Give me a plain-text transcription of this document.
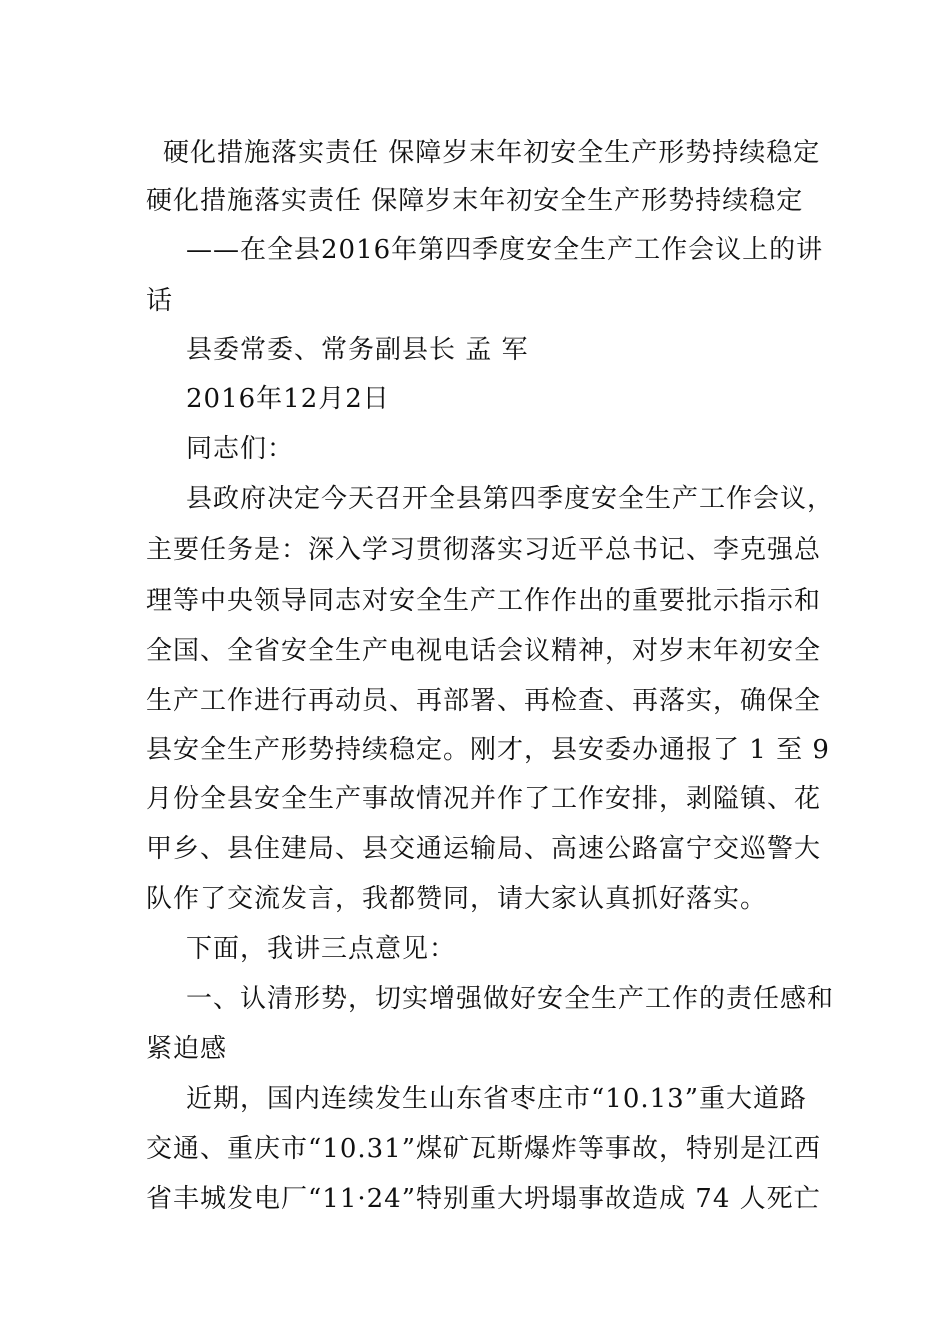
硬化措施落实责任 保障岁末年初安全生产形势持续稳定
硬化措施落实责任 保障岁末年初安全生产形势持续稳定
——在全县2016年第四季度安全生产工作会议上的讲
话
县委常委、常务副县长 孟 军
2016年12月2日
同志们：
县政府决定今天召开全县第四季度安全生产工作会议，
主要任务是：深入学习贯彻落实习近平总书记、李克强总
理等中央领导同志对安全生产工作作出的重要批示指示和
全国、全省安全生产电视电话会议精神，对岁末年初安全
生产工作进行再动员、再部署、再检查、再落实，确保全
县安全生产形势持续稳定。刚才，县安委办通报了 1 至 9
月份全县安全生产事故情况并作了工作安排，剥隘镇、花
甲乡、县住建局、县交通运输局、高速公路富宁交巡警大
队作了交流发言，我都赞同，请大家认真抓好落实。
下面，我讲三点意见：
一、认清形势，切实增强做好安全生产工作的责任感和
紧迫感
近期，国内连续发生山东省枣庄市“10.13”重大道路
交通、重庆市“10.31”煤矿瓦斯爆炸等事故，特别是江西
省丰城发电厂“11·24”特别重大坍塌事故造成 74 人死亡
